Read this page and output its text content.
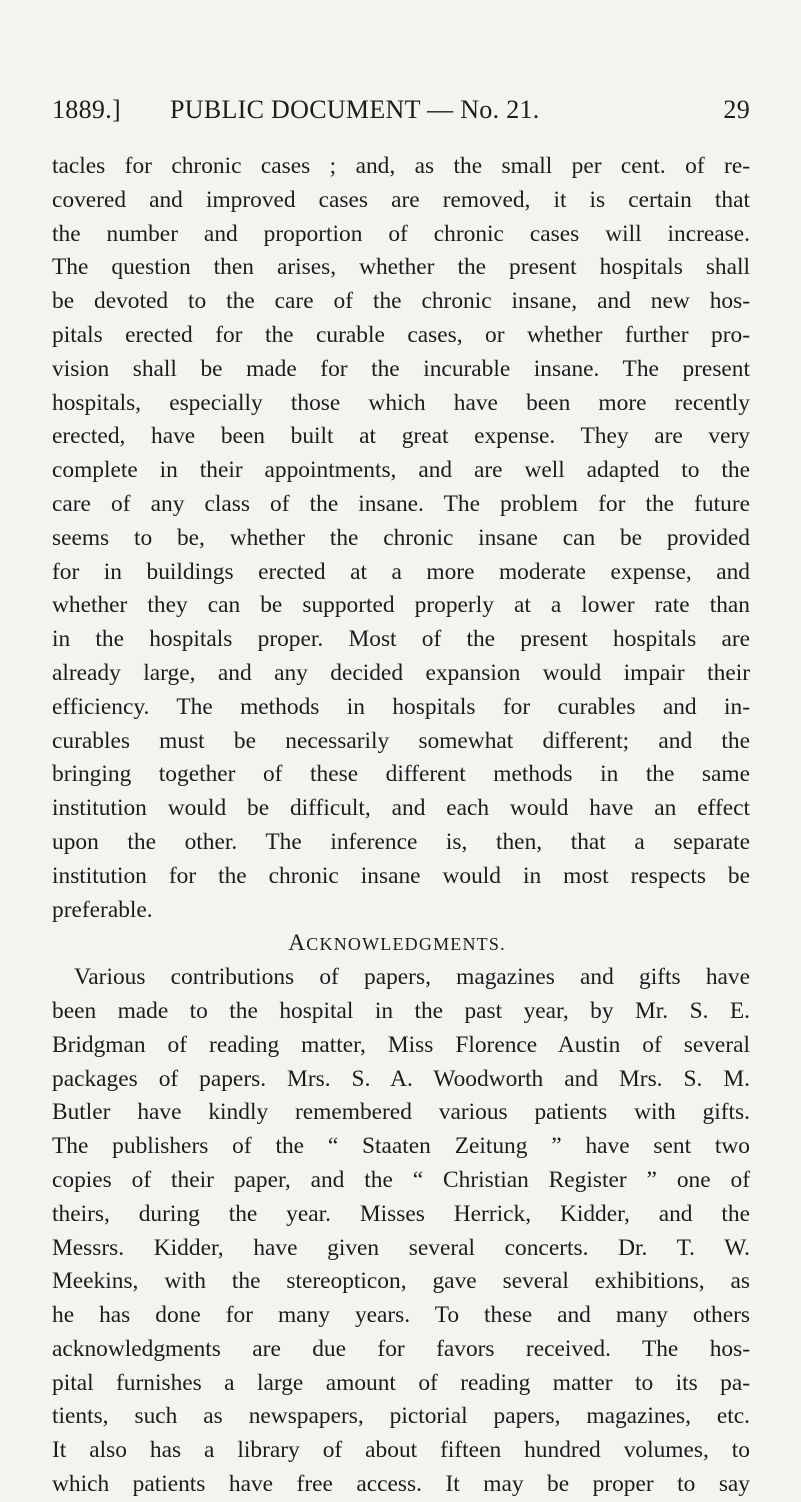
1889.] PUBLIC DOCUMENT — No. 21.	29
tacles for chronic cases ; and, as the small per cent. of re-
covered and improved cases are removed, it is certain that
the number and proportion of chronic cases will increase.
The question then arises, whether the present hospitals shall
be devoted to the care of the chronic insane, and new hos-
pitals erected for the curable cases, or whether further pro-
vision shall be made for the incurable insane. The present
hospitals, especially those which have been more recently
erected, have been built at great expense. They are very
complete in their appointments, and are well adapted to the
care of any class of the insane. The problem for the future
seems to be, whether the chronic insane can be provided
for in buildings erected at a more moderate expense, and
whether they can be supported properly at a lower rate than
in the hospitals proper. Most of the present hospitals are
already large, and any decided expansion would impair their
efficiency. The methods in hospitals for curables and in-
curables must be necessarily somewhat different; and the
bringing together of these different methods in the same
institution would be difficult, and each would have an effect
upon the other. The inference is, then, that a separate
institution for the chronic insane would in most respects be
preferable.
ACKNOWLEDGMENTS.
Various contributions of papers, magazines and gifts have
been made to the hospital in the past year, by Mr. S. E.
Bridgman of reading matter, Miss Florence Austin of several
packages of papers. Mrs. S. A. Woodworth and Mrs. S. M.
Butler have kindly remembered various patients with gifts.
The publishers of the “ Staaten Zeitung ” have sent two
copies of their paper, and the “ Christian Register ” one of
theirs, during the year. Misses Herrick, Kidder, and the
Messrs. Kidder, have given several concerts. Dr. T. W.
Meekins, with the stereopticon, gave several exhibitions, as
he has done for many years. To these and many others
acknowledgments are due for favors received. The hos-
pital furnishes a large amount of reading matter to its pa-
tients, such as newspapers, pictorial papers, magazines, etc.
It also has a library of about fifteen hundred volumes, to
which patients have free access. It may be proper to say
